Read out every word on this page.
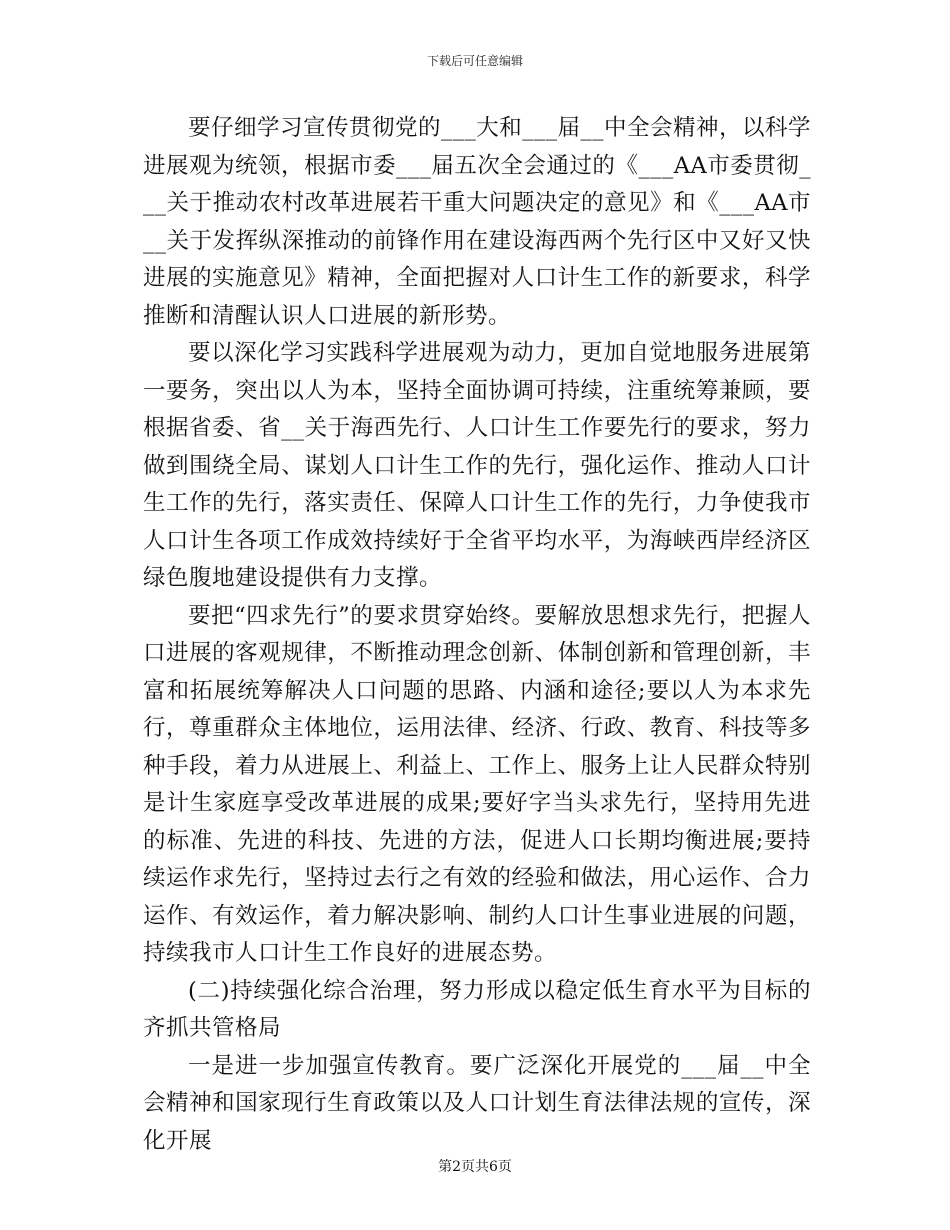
下载后可任意编辑

要仔细学习宣传贯彻党的___大和___届__中全会精神，以科学进展观为统领，根据市委___届五次全会通过的《___AA市委贯彻___关于推动农村改革进展若干重大问题决定的意见》和《___AA市__关于发挥纵深推动的前锋作用在建设海西两个先行区中又好又快进展的实施意见》精神，全面把握对人口计生工作的新要求，科学推断和清醒认识人口进展的新形势。

要以深化学习实践科学进展观为动力，更加自觉地服务进展第一要务，突出以人为本，坚持全面协调可持续，注重统筹兼顾，要根据省委、省__关于海西先行、人口计生工作要先行的要求，努力做到围绕全局、谋划人口计生工作的先行，强化运作、推动人口计生工作的先行，落实责任、保障人口计生工作的先行，力争使我市人口计生各项工作成效持续好于全省平均水平，为海峡西岸经济区绿色腹地建设提供有力支撑。

要把“四求先行”的要求贯穿始终。要解放思想求先行，把握人口进展的客观规律，不断推动理念创新、体制创新和管理创新，丰富和拓展统筹解决人口问题的思路、内涵和途径;要以人为本求先行，尊重群众主体地位，运用法律、经济、行政、教育、科技等多种手段，着力从进展上、利益上、工作上、服务上让人民群众特别是计生家庭享受改革进展的成果;要好字当头求先行，坚持用先进的标准、先进的科技、先进的方法，促进人口长期均衡进展;要持续运作求先行，坚持过去行之有效的经验和做法，用心运作、合力运作、有效运作，着力解决影响、制约人口计生事业进展的问题，持续我市人口计生工作良好的进展态势。

(二)持续强化综合治理，努力形成以稳定低生育水平为目标的齐抓共管格局

一是进一步加强宣传教育。要广泛深化开展党的___届__中全会精神和国家现行生育政策以及人口计划生育法律法规的宣传，深化开展

第2页共6页
